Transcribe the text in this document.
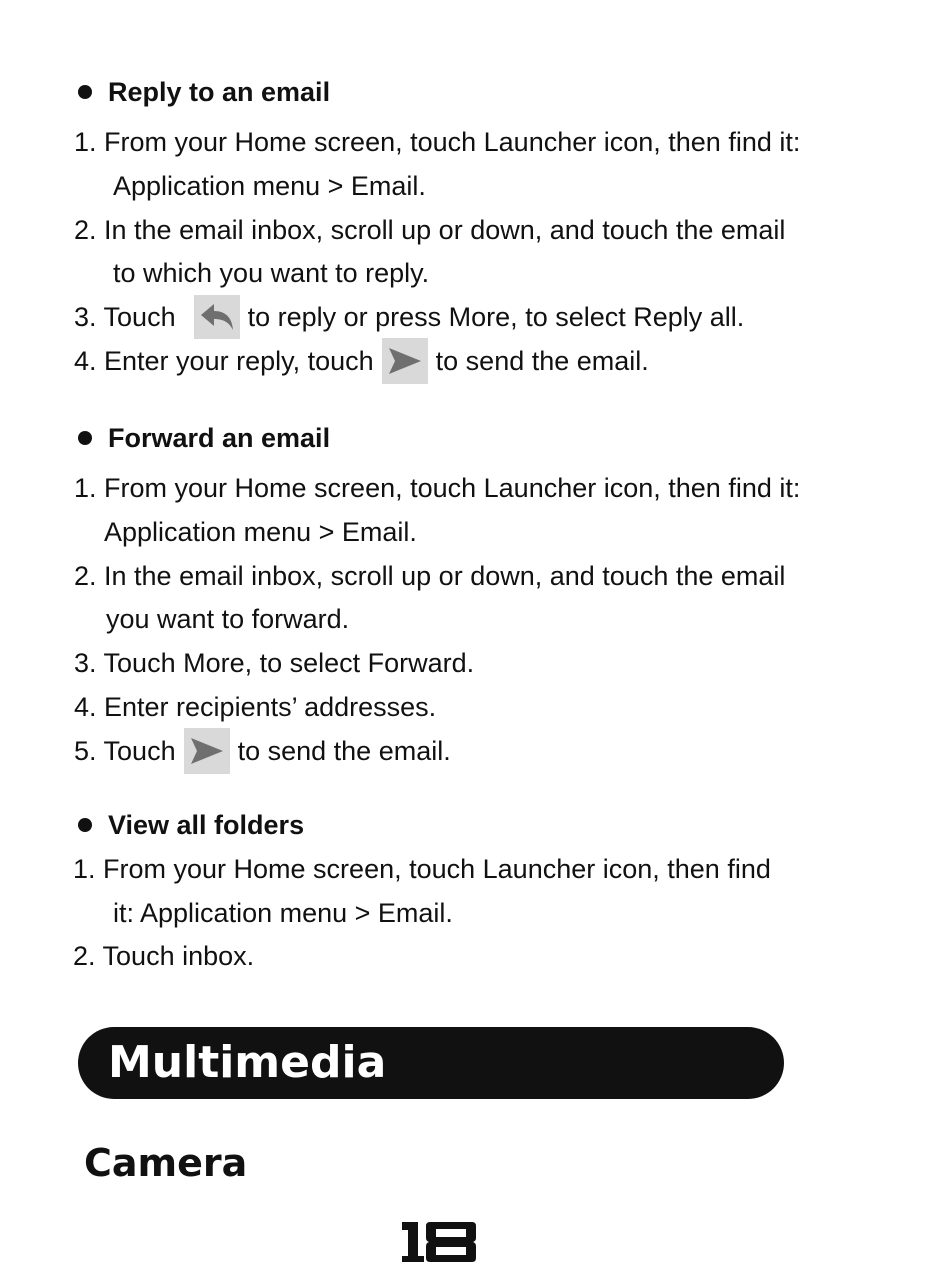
Reply to an email
1. From your Home screen, touch Launcher icon, then find it:
Application menu > Email.
2. In the email inbox, scroll up or down, and touch the email
to which you want to reply.
3. Touch	to reply or press More, to select Reply all.
4. Enter your reply, touch to send the email.
Forward an email
1. From your Home screen, touch Launcher icon, then find it:
Application menu > Email.
2. In the email inbox, scroll up or down, and touch the email
you want to forward.
3. Touch More, to select Forward.
4. Enter recipients’ addresses.
5. Touch to send the email.
View all folders
1. From your Home screen, touch Launcher icon, then find
it: Application menu > Email.
2. Touch inbox.
Multimedia
Camera
